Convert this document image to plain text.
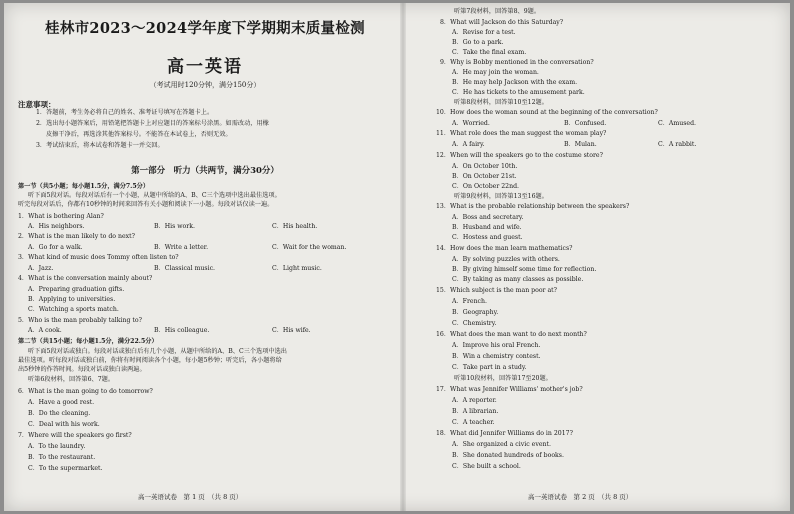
桂林市2023～2024学年度下学期期末质量检测
高一英语
（考试用时120分钟，满分150分）
注意事项：
1．答题前，考生务必将自己的姓名、准考证号填写在答题卡上。
2．选出每小题答案后，用铅笔把答题卡上对应题目的答案标号涂黑。如需改动，用橡
皮擦干净后，再选涂其他答案标号。不能答在本试卷上，否则无效。
3．考试结束后，将本试卷和答题卡一并交回。
第一部分　听力（共两节，满分30分）
第一节（共5小题；每小题1.5分，满分7.5分）
听下面5段对话。每段对话后有一个小题，从题中所给的A、B、C三个选项中选出最佳选项。
听完每段对话后，你都有10秒钟的时间来回答有关小题和阅读下一小题。每段对话仅读一遍。
1．What is bothering Alan?
A．His neighbors.	B．His work.	C．His health.
2．What is the man likely to do next?
A．Go for a walk.	B．Write a letter.	C．Wait for the woman.
3．What kind of music does Tommy often listen to?
A．Jazz.	B．Classical music.	C．Light music.
4．What is the conversation mainly about?
A．Preparing graduation gifts.
B．Applying to universities.
C．Watching a sports match.
5．Who is the man probably talking to?
A．A cook.	B．His colleague.	C．His wife.
第二节（共15小题；每小题1.5分，满分22.5分）
听下面5段对话或独白。每段对话或独白后有几个小题，从题中所给的A、B、C三个选项中选出
最佳选项。听每段对话或独白前，你将有时间阅读各个小题，每小题5秒钟；听完后，各小题将给
出5秒钟的作答时间。每段对话或独白读两遍。
听第6段材料，回答第6、7题。
6．What is the man going to do tomorrow?
A．Have a good rest.
B．Do the cleaning.
C．Deal with his work.
7．Where will the speakers go first?
A．To the laundry.
B．To the restaurant.
C．To the supermarket.
高一英语试卷　第 1 页　（共 8 页）
听第7段材料，回答第8、9题。
8．What will Jackson do this Saturday?
A．Revise for a test.
B．Go to a park.
C．Take the final exam.
9．Why is Bobby mentioned in the conversation?
A．He may join the woman.
B．He may help Jackson with the exam.
C．He has tickets to the amusement park.
听第8段材料，回答第10至12题。
10．How does the woman sound at the beginning of the conversation?
A．Worried.	B．Confused.	C．Amused.
11．What role does the man suggest the woman play?
A．A fairy.	B．Mulan.	C．A rabbit.
12．When will the speakers go to the costume store?
A．On October 10th.
B．On October 21st.
C．On October 22nd.
听第9段材料，回答第13至16题。
13．What is the probable relationship between the speakers?
A．Boss and secretary.
B．Husband and wife.
C．Hostess and guest.
14．How does the man learn mathematics?
A．By solving puzzles with others.
B．By giving himself some time for reflection.
C．By taking as many classes as possible.
15．Which subject is the man poor at?
A．French.
B．Geography.
C．Chemistry.
16．What does the man want to do next month?
A．Improve his oral French.
B．Win a chemistry contest.
C．Take part in a study.
听第10段材料，回答第17至20题。
17．What was Jennifer Williams' mother's job?
A．A reporter.
B．A librarian.
C．A teacher.
18．What did Jennifer Williams do in 2017?
A．She organized a civic event.
B．She donated hundreds of books.
C．She built a school.
高一英语试卷　第 2 页　（共 8 页）
